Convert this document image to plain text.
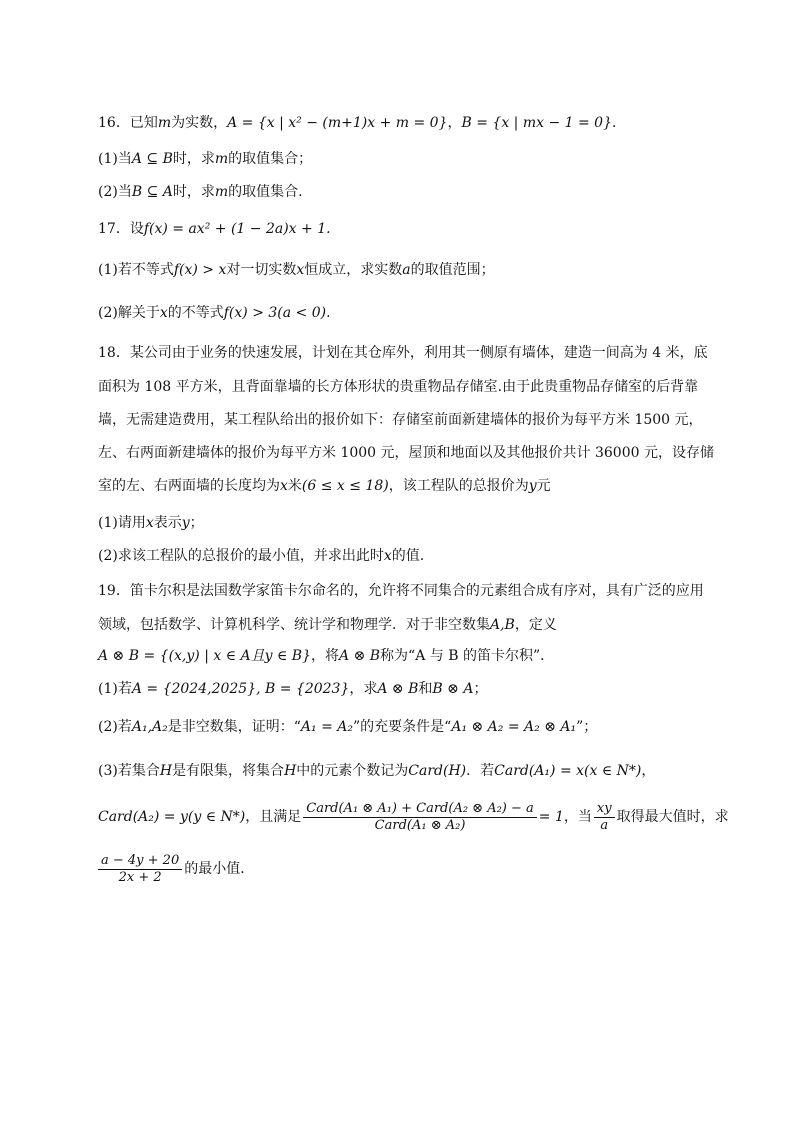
16．已知m为实数，A = {x | x² − (m+1)x + m = 0}，B = {x | mx − 1 = 0}．
(1)当A ⊆ B时，求m的取值集合；
(2)当B ⊆ A时，求m的取值集合.
17．设f(x) = ax² + (1 − 2a)x + 1.
(1)若不等式f(x) > x对一切实数x恒成立，求实数a的取值范围；
(2)解关于x的不等式f(x) > 3(a < 0).
18．某公司由于业务的快速发展，计划在其仓库外，利用其一侧原有墙体，建造一间高为 4 米，底
面积为 108 平方米，且背面靠墙的长方体形状的贵重物品存储室.由于此贵重物品存储室的后背靠
墙，无需建造费用，某工程队给出的报价如下：存储室前面新建墙体的报价为每平方米 1500 元，
左、右两面新建墙体的报价为每平方米 1000 元，屋顶和地面以及其他报价共计 36000 元，设存储
室的左、右两面墙的长度均为x米(6 ≤ x ≤ 18)，该工程队的总报价为y元
(1)请用x表示y；
(2)求该工程队的总报价的最小值，并求出此时x的值.
19．笛卡尔积是法国数学家笛卡尔命名的，允许将不同集合的元素组合成有序对，具有广泛的应用
领域，包括数学、计算机科学、统计学和物理学．对于非空数集A,B，定义
A ⊗ B = {(x,y) | x ∈ A且y ∈ B}，将A ⊗ B称为“A 与 B 的笛卡尔积”．
(1)若A = {2024,2025}, B = {2023}，求A ⊗ B和B ⊗ A；
(2)若A₁,A₂是非空数集，证明：“A₁ = A₂”的充要条件是“A₁ ⊗ A₂ = A₂ ⊗ A₁”；
(3)若集合H是有限集，将集合H中的元素个数记为Card(H)．若Card(A₁) = x(x ∈ N*)，
Card(A₂) = y(y ∈ N*)，且满足 $\frac{\text{Card(A₁ ⊗ A₁) + Card(A₂ ⊗ A₂) − a}}{\text{Card(A₁ ⊗ A₂)}} = 1$，当 $\frac{xy}{a}$ 取得最大值时，求
$\frac{a - 4y + 20}{2x + 2}$ 的最小值．
